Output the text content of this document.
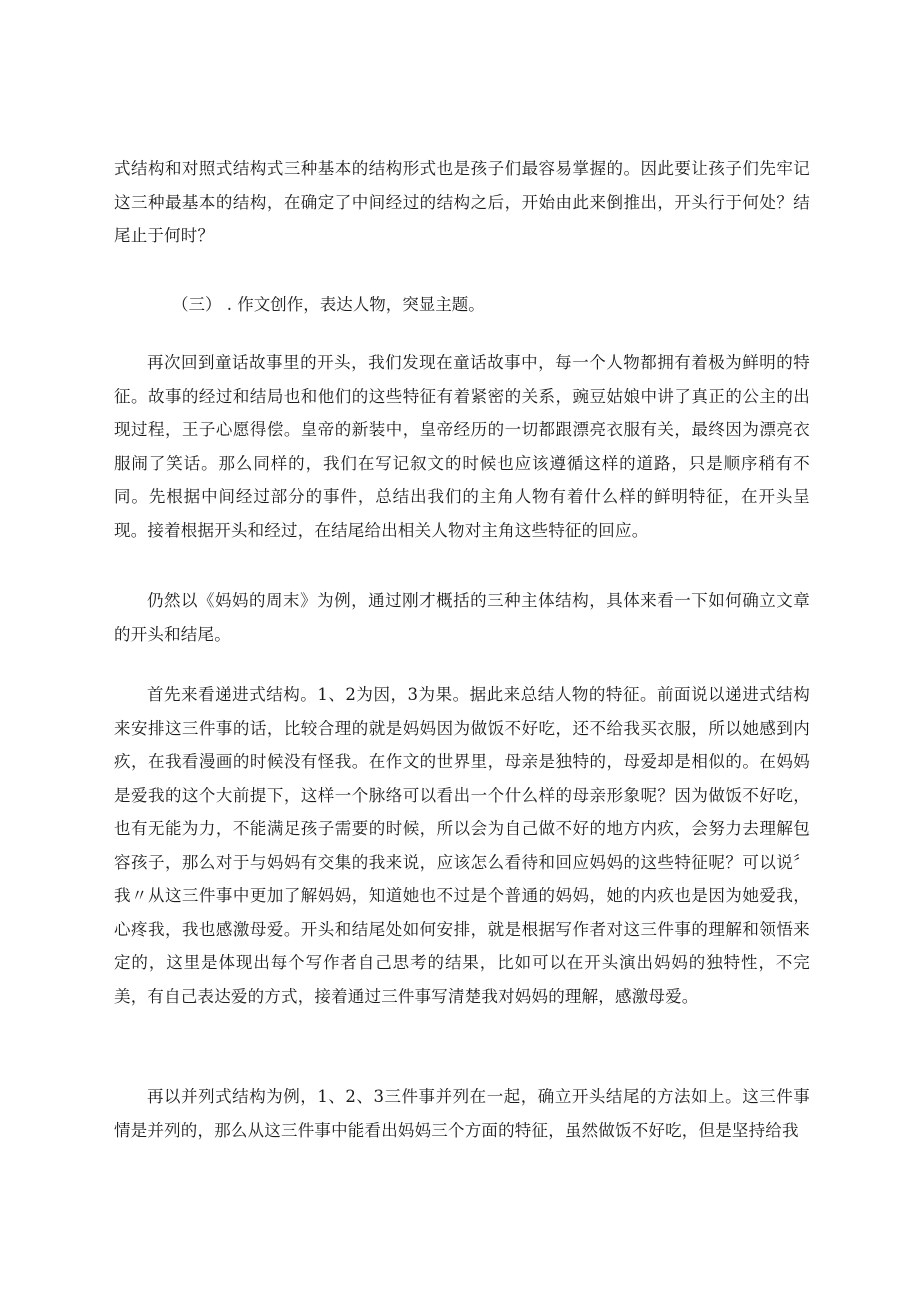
式结构和对照式结构式三种基本的结构形式也是孩子们最容易掌握的。因此要让孩子们先牢记这三种最基本的结构，在确定了中间经过的结构之后，开始由此来倒推出，开头行于何处？结尾止于何时？

（三） . 作文创作，表达人物，突显主题。

再次回到童话故事里的开头，我们发现在童话故事中，每一个人物都拥有着极为鲜明的特征。故事的经过和结局也和他们的这些特征有着紧密的关系，豌豆姑娘中讲了真正的公主的出现过程，王子心愿得偿。皇帝的新装中，皇帝经历的一切都跟漂亮衣服有关，最终因为漂亮衣服闹了笑话。那么同样的，我们在写记叙文的时候也应该遵循这样的道路，只是顺序稍有不同。先根据中间经过部分的事件，总结出我们的主角人物有着什么样的鲜明特征，在开头呈现。接着根据开头和经过，在结尾给出相关人物对主角这些特征的回应。

仍然以《妈妈的周末》为例，通过刚才概括的三种主体结构，具体来看一下如何确立文章的开头和结尾。

首先来看递进式结构。1、2为因，3为果。据此来总结人物的特征。前面说以递进式结构来安排这三件事的话，比较合理的就是妈妈因为做饭不好吃，还不给我买衣服，所以她感到内疚，在我看漫画的时候没有怪我。在作文的世界里，母亲是独特的，母爱却是相似的。在妈妈是爱我的这个大前提下，这样一个脉络可以看出一个什么样的母亲形象呢？因为做饭不好吃，也有无能为力，不能满足孩子需要的时候，所以会为自己做不好的地方内疚，会努力去理解包容孩子，那么对于与妈妈有交集的我来说，应该怎么看待和回应妈妈的这些特征呢？可以说〞我〃从这三件事中更加了解妈妈，知道她也不过是个普通的妈妈，她的内疚也是因为她爱我，心疼我，我也感激母爱。开头和结尾处如何安排，就是根据写作者对这三件事的理解和领悟来定的，这里是体现出每个写作者自己思考的结果，比如可以在开头演出妈妈的独特性，不完美，有自己表达爱的方式，接着通过三件事写清楚我对妈妈的理解，感激母爱。

再以并列式结构为例，1、2、3三件事并列在一起，确立开头结尾的方法如上。这三件事情是并列的，那么从这三件事中能看出妈妈三个方面的特征，虽然做饭不好吃，但是坚持给我
